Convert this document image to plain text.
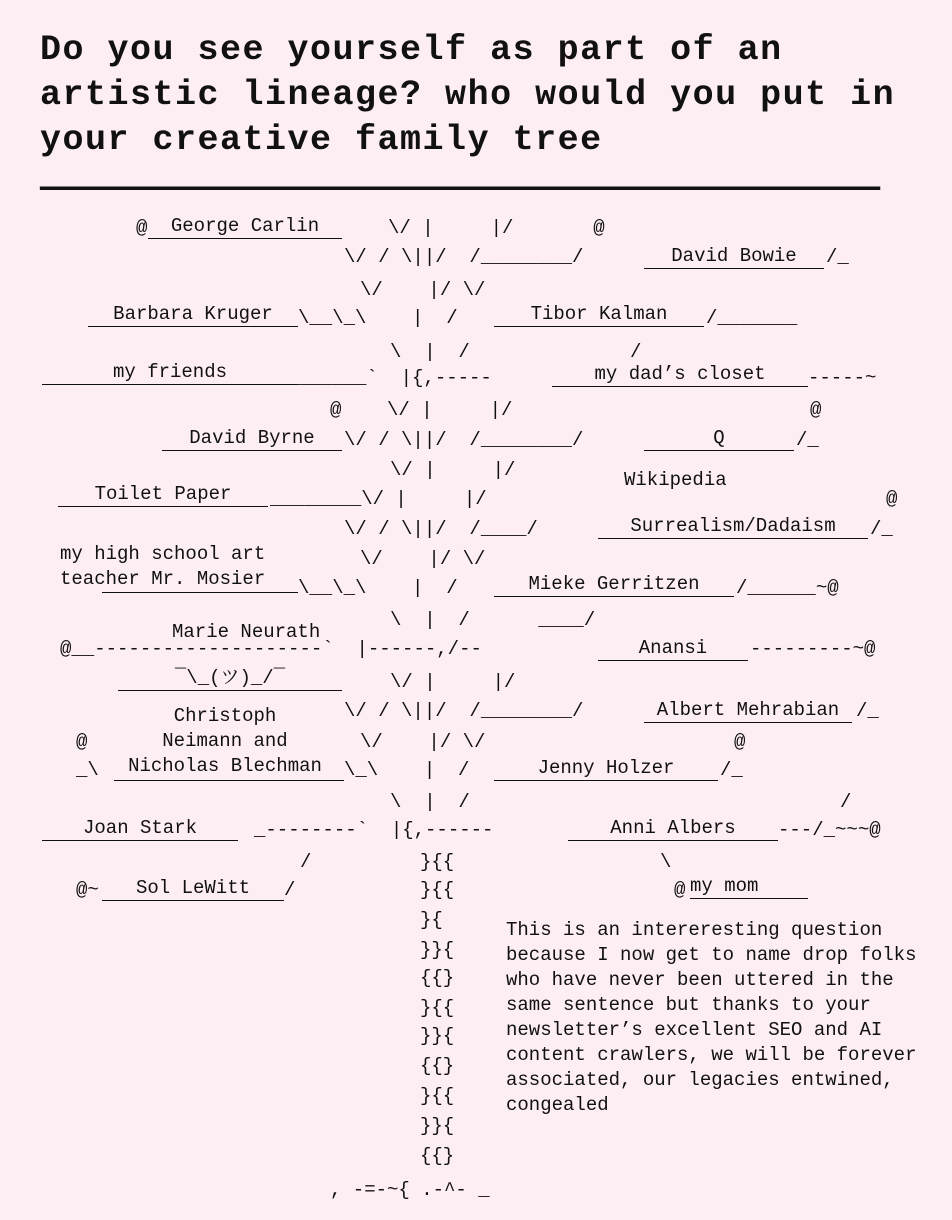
Do you see yourself as part of an artistic lineage? who would you put in your creative family tree
————————————————————————————————————————
@	\/ |     |/       @
\/ / \||/  /________/	/_
\/    |/ \/
\__\_\    |  /	/_______
\  |  /	/
______`  |{,-----	-----~
@    \/ |     |/	@
\/ / \||/  /________/	/_
\/ |     |/
________\/ |     |/	@
\/ / \||/  /____/	/_
\/    |/ \/
\__\_\    |  /	/______~@
\  |  /      ____/
@__--------------------`  |------,/--	---------~@
\/ |     |/
\/ / \||/  /________/	/_
@	\/    |/ \/	@
_\	\_\    |  /	/_
\  |  /	/
_--------`  |{,------	---/_~~~@
/	\
@~	/	@
}{{
}{{
}{
}}{
{{}
}{{
}}{
{{}
}{{
}}{
{{}
, -=-~{ .-^- _
George Carlin
David Bowie
Barbara Kruger	Tibor Kalman
my friends	my dad’s closet
David Byrne	Q
Wikipedia
Toilet Paper
Surrealism/Dadaism
my high school art
teacher Mr. Mosier	Mieke Gerritzen
Marie Neurath
Anansi
¯\_(ツ)_/¯
Albert Mehrabian
Christoph
Neimann and
Nicholas Blechman	Jenny Holzer
Joan Stark	Anni Albers
Sol LeWitt	my mom
This is an intereresting question because I now get to name drop folks who have never been uttered in the same sentence but thanks to your newsletter’s excellent SEO and AI content crawlers, we will be forever associated, our legacies entwined, congealed
